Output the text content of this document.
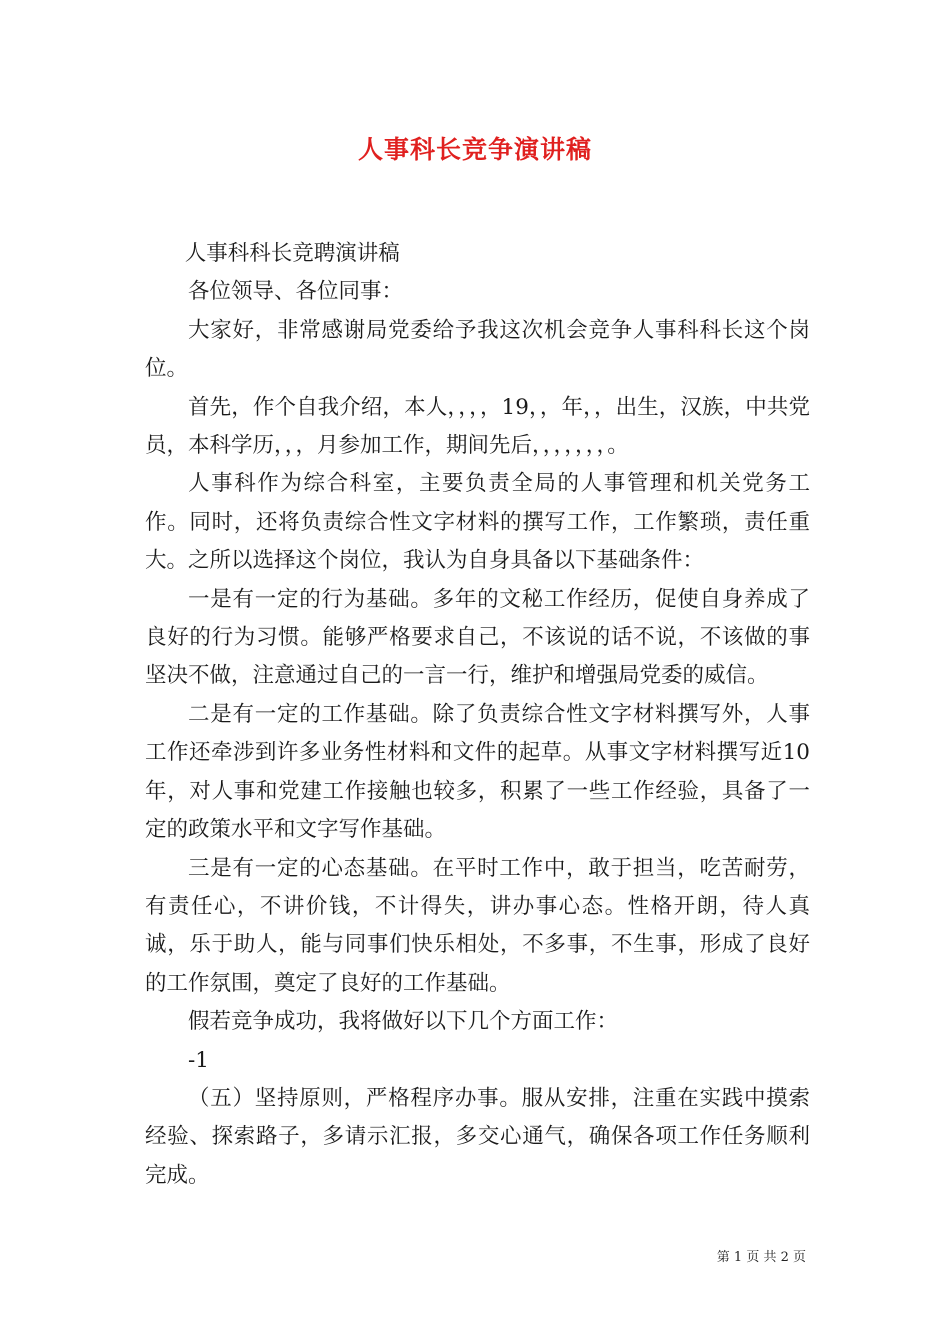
人事科长竞争演讲稿

人事科科长竞聘演讲稿

各位领导、各位同事：

大家好，非常感谢局党委给予我这次机会竞争人事科科长这个岗位。

首先，作个自我介绍，本人，，，，19，，年，，出生，汉族，中共党员，本科学历，，，月参加工作，期间先后，，，，，，，。

人事科作为综合科室，主要负责全局的人事管理和机关党务工作。同时，还将负责综合性文字材料的撰写工作，工作繁琐，责任重大。之所以选择这个岗位，我认为自身具备以下基础条件：

一是有一定的行为基础。多年的文秘工作经历，促使自身养成了良好的行为习惯。能够严格要求自己，不该说的话不说，不该做的事坚决不做，注意通过自己的一言一行，维护和增强局党委的威信。

二是有一定的工作基础。除了负责综合性文字材料撰写外，人事工作还牵涉到许多业务性材料和文件的起草。从事文字材料撰写近10年，对人事和党建工作接触也较多，积累了一些工作经验，具备了一定的政策水平和文字写作基础。

三是有一定的心态基础。在平时工作中，敢于担当，吃苦耐劳，有责任心，不讲价钱，不计得失，讲办事心态。性格开朗，待人真诚，乐于助人，能与同事们快乐相处，不多事，不生事，形成了良好的工作氛围，奠定了良好的工作基础。

假若竞争成功，我将做好以下几个方面工作：

-1

（五）坚持原则，严格程序办事。服从安排，注重在实践中摸索经验、探索路子，多请示汇报，多交心通气，确保各项工作任务顺利完成。

第 1 页 共 2 页
